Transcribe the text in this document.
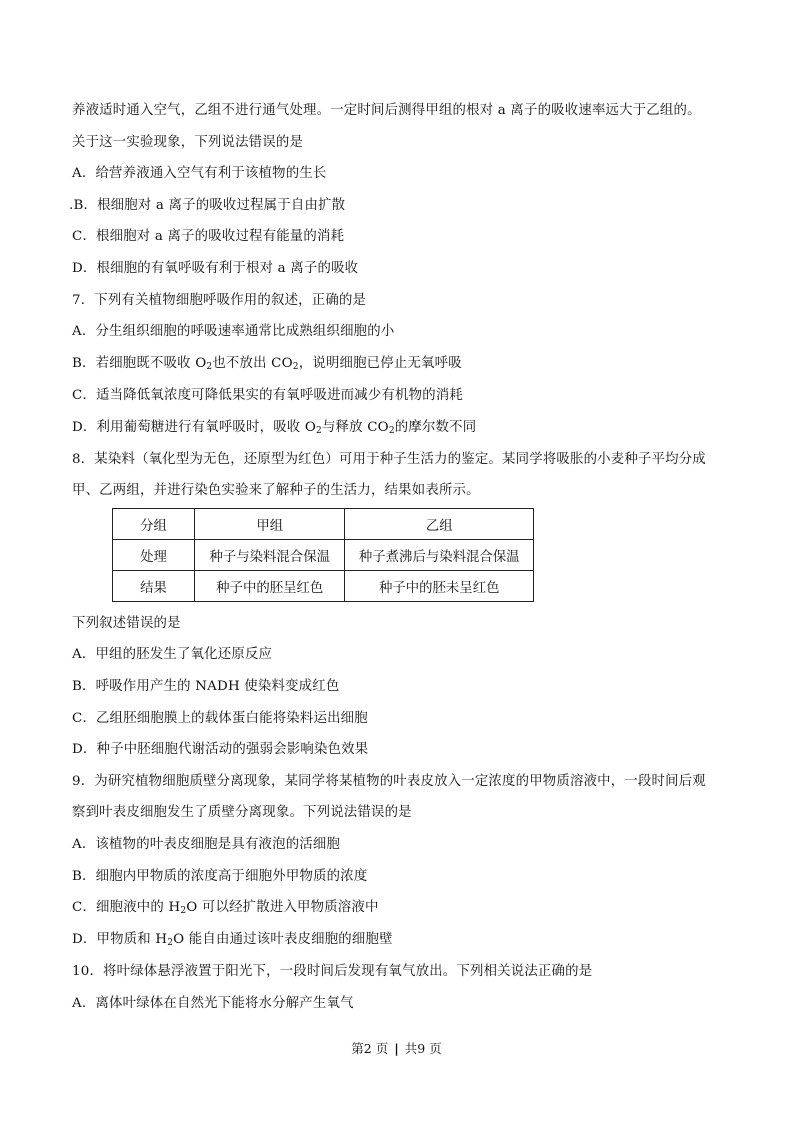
养液适时通入空气，乙组不进行通气处理。一定时间后测得甲组的根对 a 离子的吸收速率远大于乙组的。
关于这一实验现象，下列说法错误的是
A．给营养液通入空气有利于该植物的生长
.B．根细胞对 a 离子的吸收过程属于自由扩散
C．根细胞对 a 离子的吸收过程有能量的消耗
D．根细胞的有氧呼吸有利于根对 a 离子的吸收
7．下列有关植物细胞呼吸作用的叙述，正确的是
A．分生组织细胞的呼吸速率通常比成熟组织细胞的小
B．若细胞既不吸收 $O_2$也不放出 $CO_2$，说明细胞已停止无氧呼吸
C．适当降低氧浓度可降低果实的有氧呼吸进而减少有机物的消耗
D．利用葡萄糖进行有氧呼吸时，吸收 $O_2$与释放 $CO_2$的摩尔数不同
8．某染料（氧化型为无色，还原型为红色）可用于种子生活力的鉴定。某同学将吸胀的小麦种子平均分成
甲、乙两组，并进行染色实验来了解种子的生活力，结果如表所示。
分组	甲组	乙组
处理	种子与染料混合保温	种子煮沸后与染料混合保温
结果	种子中的胚呈红色	种子中的胚未呈红色
下列叙述错误的是
A．甲组的胚发生了氧化还原反应
B．呼吸作用产生的 NADH 使染料变成红色
C．乙组胚细胞膜上的载体蛋白能将染料运出细胞
D．种子中胚细胞代谢活动的强弱会影响染色效果
9．为研究植物细胞质壁分离现象，某同学将某植物的叶表皮放入一定浓度的甲物质溶液中，一段时间后观
察到叶表皮细胞发生了质壁分离现象。下列说法错误的是
A．该植物的叶表皮细胞是具有液泡的活细胞
B．细胞内甲物质的浓度高于细胞外甲物质的浓度
C．细胞液中的 $H_2O$ 可以经扩散进入甲物质溶液中
D．甲物质和 $H_2O$ 能自由通过该叶表皮细胞的细胞壁
10．将叶绿体悬浮液置于阳光下，一段时间后发现有氧气放出。下列相关说法正确的是
A．离体叶绿体在自然光下能将水分解产生氧气
第2 页 | 共9 页
